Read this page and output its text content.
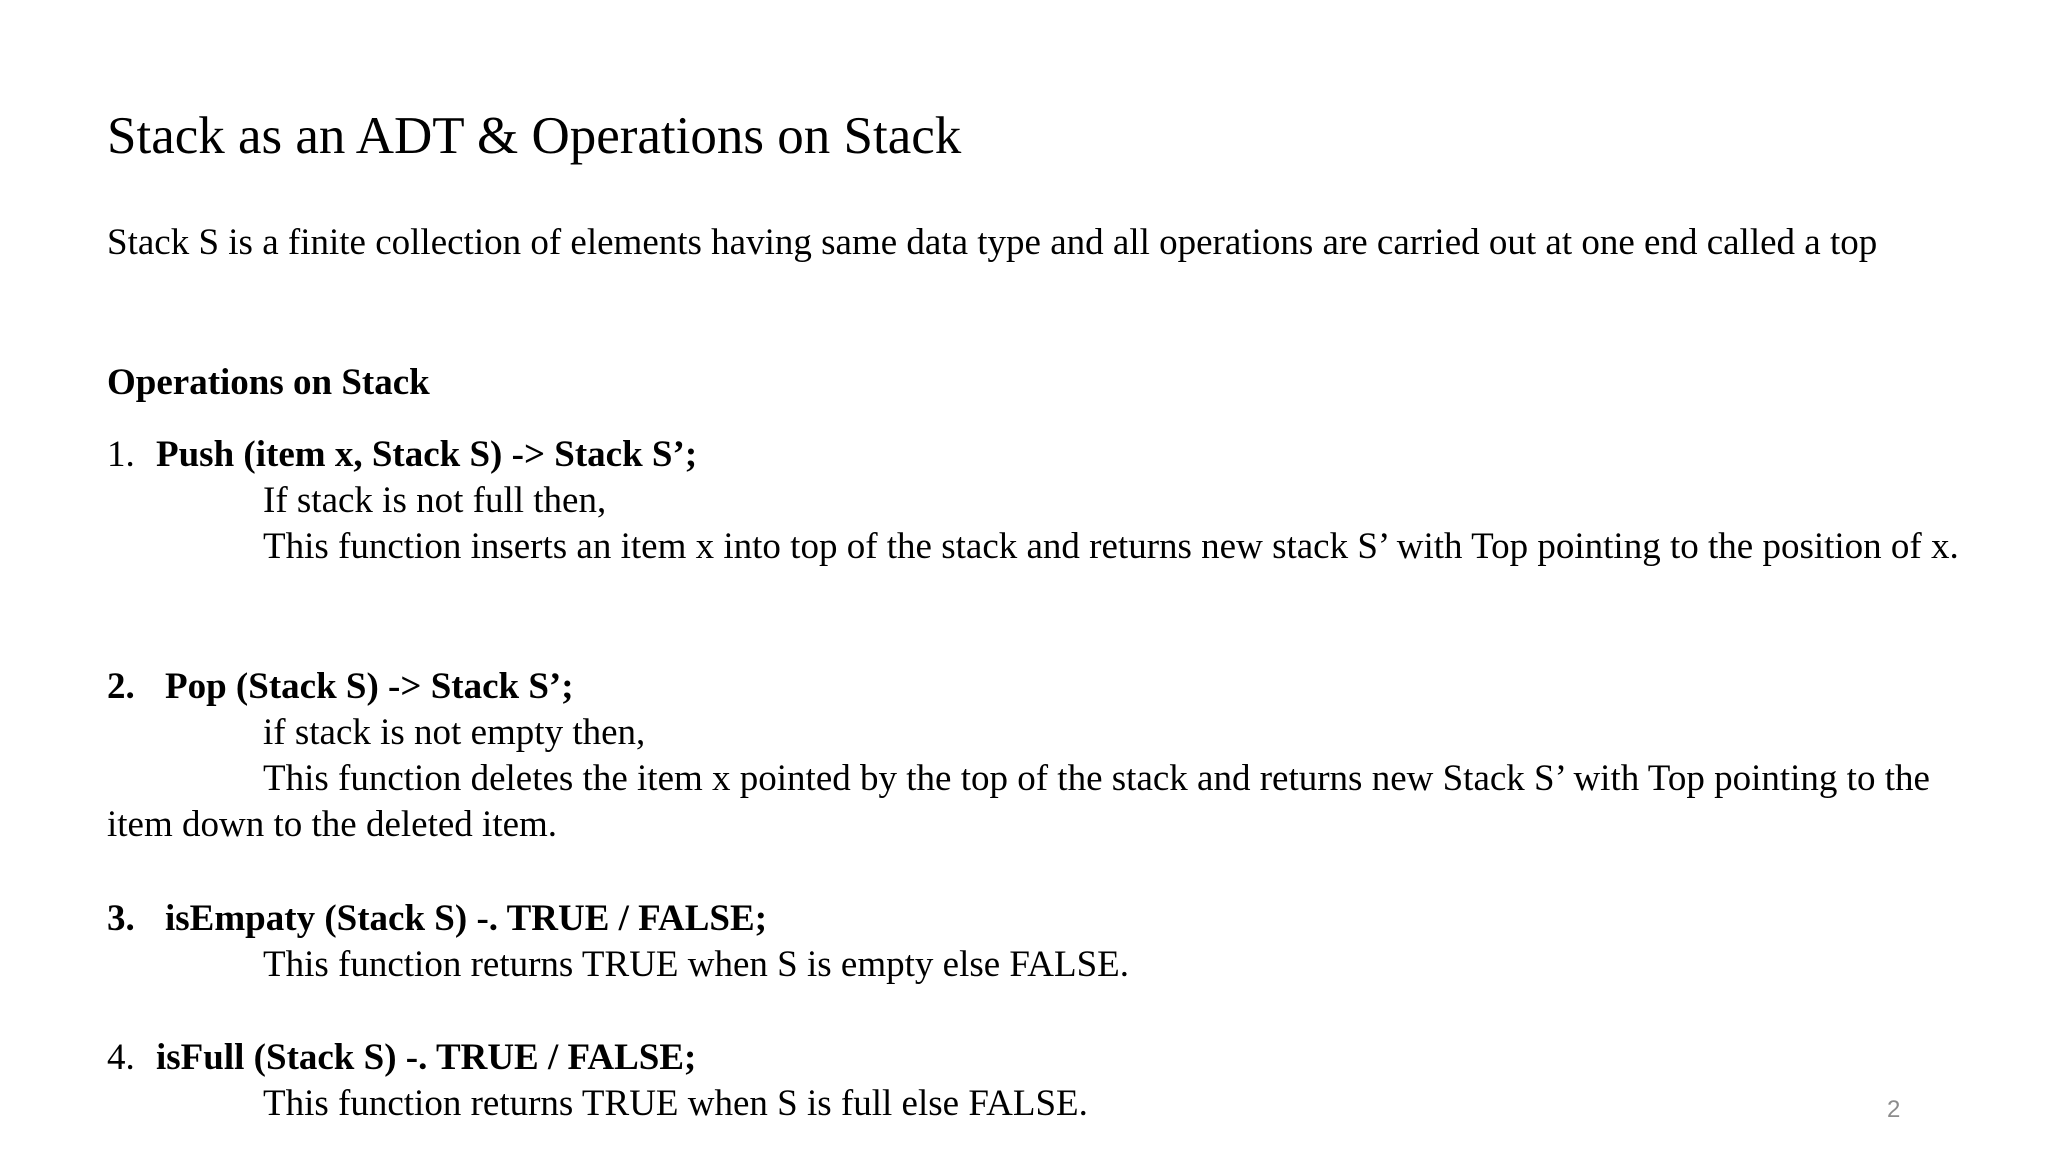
Stack as an ADT & Operations on Stack
Stack S is a finite collection of elements having same data type and all operations are carried out at one end called a top
Operations on Stack
1. Push (item x, Stack S) -> Stack S’;
If stack is not full then,
This function inserts an item x into top of the stack and returns new stack S’ with Top pointing to the position of x.
2. Pop (Stack S) -> Stack S’;
if stack is not empty then,
This function deletes the item x pointed by the top of the stack and returns new Stack S’ with Top pointing to the item down to the deleted item.
3. isEmpaty (Stack S) -. TRUE / FALSE;
This function returns TRUE when S is empty else FALSE.
4. isFull (Stack S) -. TRUE / FALSE;
This function returns TRUE when S is full else FALSE.	2
